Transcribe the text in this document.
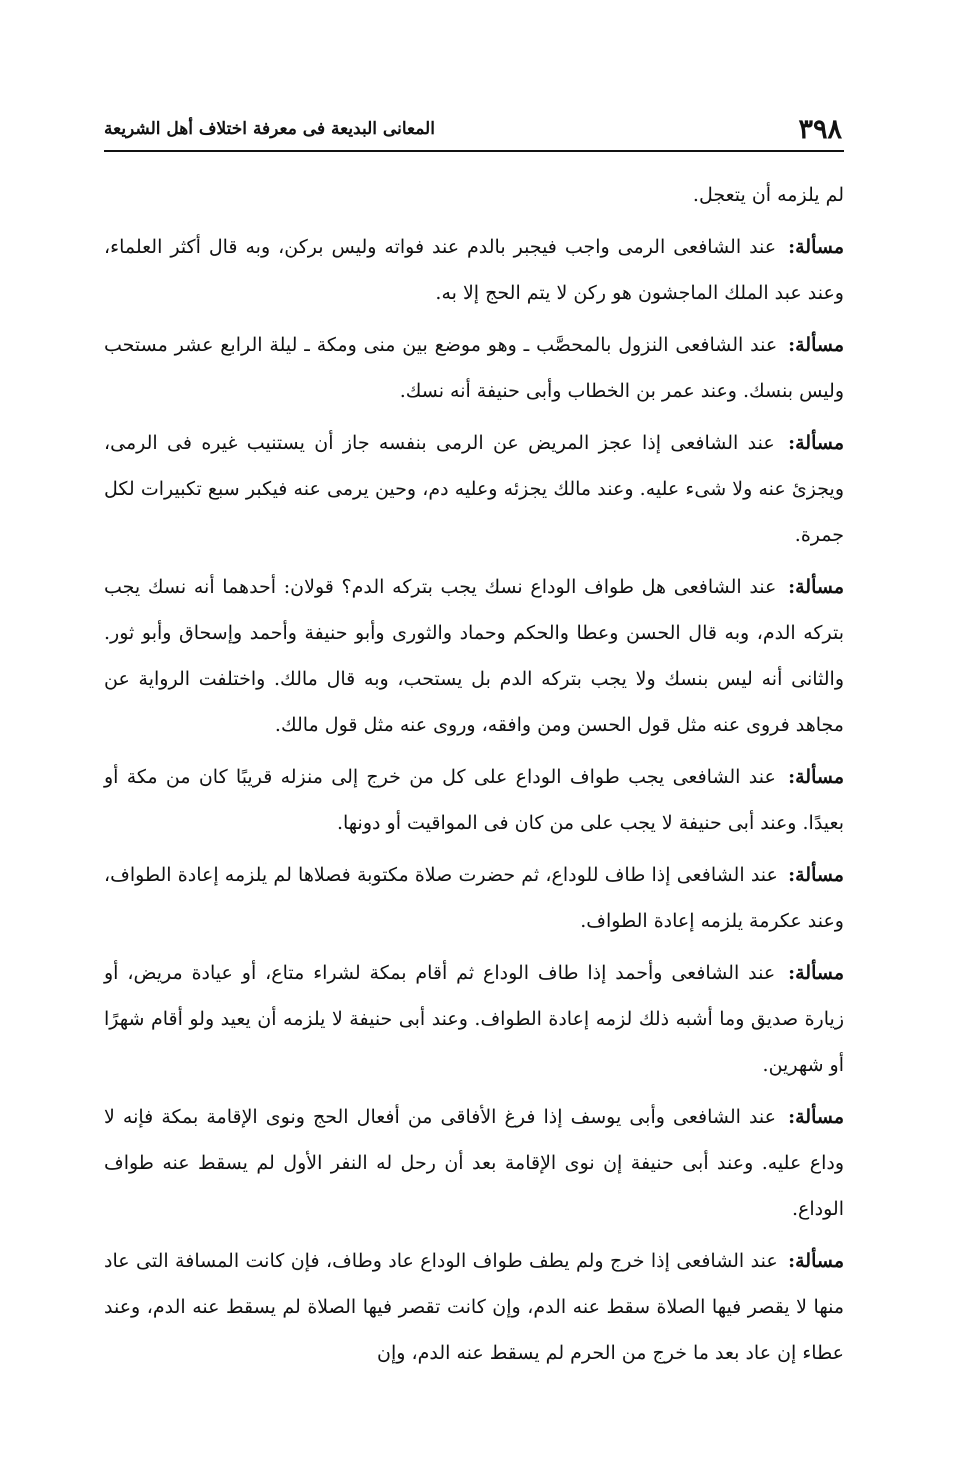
٣٩٨
المعانى البديعة فى معرفة اختلاف أهل الشريعة

لم يلزمه أن يتعجل.

مسألة: عند الشافعى الرمى واجب فيجبر بالدم عند فواته وليس بركن، وبه قال أكثر العلماء، وعند عبد الملك الماجشون هو ركن لا يتم الحج إلا به.

مسألة: عند الشافعى النزول بالمحصَّب ـ وهو موضع بين منى ومكة ـ ليلة الرابع عشر مستحب وليس بنسك. وعند عمر بن الخطاب وأبى حنيفة أنه نسك.

مسألة: عند الشافعى إذا عجز المريض عن الرمى بنفسه جاز أن يستنيب غيره فى الرمى، ويجزئ عنه ولا شىء عليه. وعند مالك يجزئه وعليه دم، وحين يرمى عنه فيكبر سبع تكبيرات لكل جمرة.

مسألة: عند الشافعى هل طواف الوداع نسك يجب بتركه الدم؟ قولان: أحدهما أنه نسك يجب بتركه الدم، وبه قال الحسن وعطا والحكم وحماد والثورى وأبو حنيفة وأحمد وإسحاق وأبو ثور. والثانى أنه ليس بنسك ولا يجب بتركه الدم بل يستحب، وبه قال مالك. واختلفت الرواية عن مجاهد فروى عنه مثل قول الحسن ومن وافقه، وروى عنه مثل قول مالك.

مسألة: عند الشافعى يجب طواف الوداع على كل من خرج إلى منزله قريبًا كان من مكة أو بعيدًا. وعند أبى حنيفة لا يجب على من كان فى المواقيت أو دونها.

مسألة: عند الشافعى إذا طاف للوداع، ثم حضرت صلاة مكتوبة فصلاها لم يلزمه إعادة الطواف، وعند عكرمة يلزمه إعادة الطواف.

مسألة: عند الشافعى وأحمد إذا طاف الوداع ثم أقام بمكة لشراء متاع، أو عيادة مريض، أو زيارة صديق وما أشبه ذلك لزمه إعادة الطواف. وعند أبى حنيفة لا يلزمه أن يعيد ولو أقام شهرًا أو شهرين.

مسألة: عند الشافعى وأبى يوسف إذا فرغ الأفاقى من أفعال الحج ونوى الإقامة بمكة فإنه لا وداع عليه. وعند أبى حنيفة إن نوى الإقامة بعد أن رحل له النفر الأول لم يسقط عنه طواف الوداع.

مسألة: عند الشافعى إذا خرج ولم يطف طواف الوداع عاد وطاف، فإن كانت المسافة التى عاد منها لا يقصر فيها الصلاة سقط عنه الدم، وإن كانت تقصر فيها الصلاة لم يسقط عنه الدم، وعند عطاء إن عاد بعد ما خرج من الحرم لم يسقط عنه الدم، وإن
